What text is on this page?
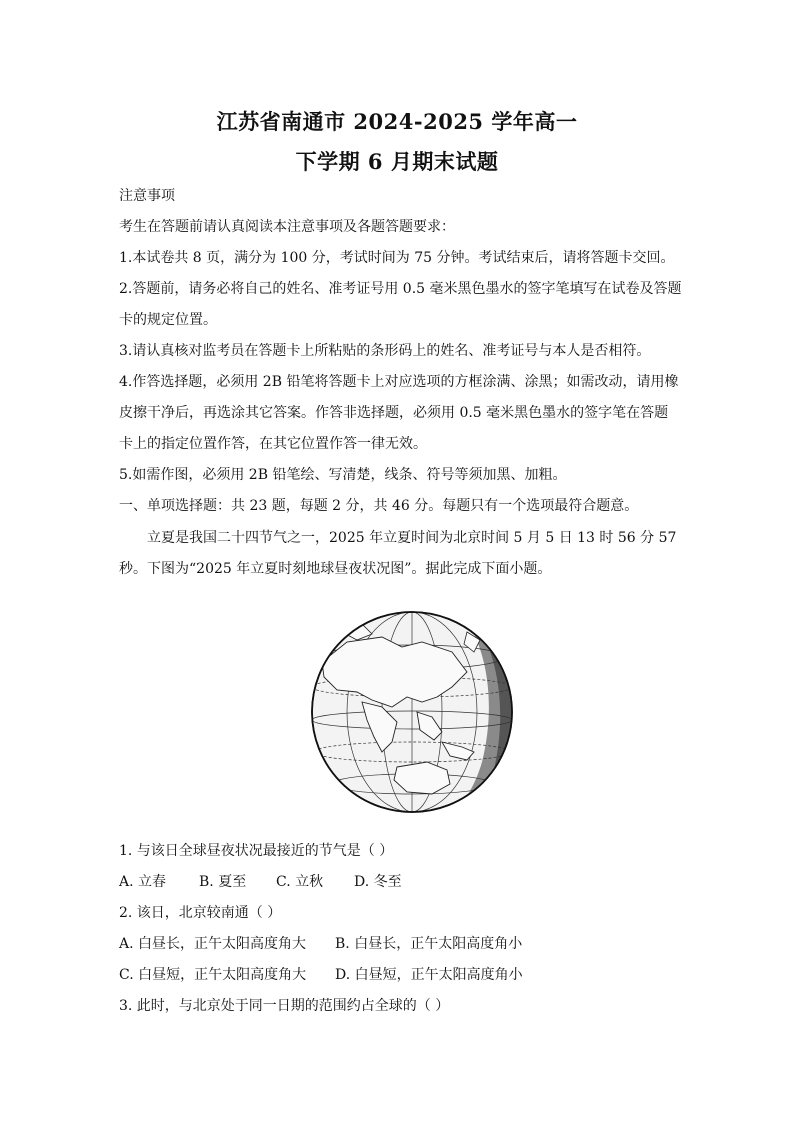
江苏省南通市 2024-2025 学年高一
下学期 6 月期末试题
注意事项
考生在答题前请认真阅读本注意事项及各题答题要求：
1.本试卷共 8 页，满分为 100 分，考试时间为 75 分钟。考试结束后，请将答题卡交回。
2.答题前，请务必将自己的姓名、准考证号用 0.5 毫米黑色墨水的签字笔填写在试卷及答题
卡的规定位置。
3.请认真核对监考员在答题卡上所粘贴的条形码上的姓名、准考证号与本人是否相符。
4.作答选择题，必须用 2B 铅笔将答题卡上对应选项的方框涂满、涂黑；如需改动，请用橡
皮擦干净后，再选涂其它答案。作答非选择题，必须用 0.5 毫米黑色墨水的签字笔在答题
卡上的指定位置作答，在其它位置作答一律无效。
5.如需作图，必须用 2B 铅笔绘、写清楚，线条、符号等须加黑、加粗。
一、单项选择题：共 23 题，每题 2 分，共 46 分。每题只有一个选项最符合题意。
立夏是我国二十四节气之一，2025 年立夏时间为北京时间 5 月 5 日 13 时 56 分 57
秒。下图为“2025 年立夏时刻地球昼夜状况图”。据此完成下面小题。
1. 与该日全球昼夜状况最接近的节气是（ ）
A. 立春 B. 夏至 C. 立秋 D. 冬至
2. 该日，北京较南通（ ）
A. 白昼长，正午太阳高度角大 B. 白昼长，正午太阳高度角小
C. 白昼短，正午太阳高度角大 D. 白昼短，正午太阳高度角小
3. 此时，与北京处于同一日期的范围约占全球的（ ）
